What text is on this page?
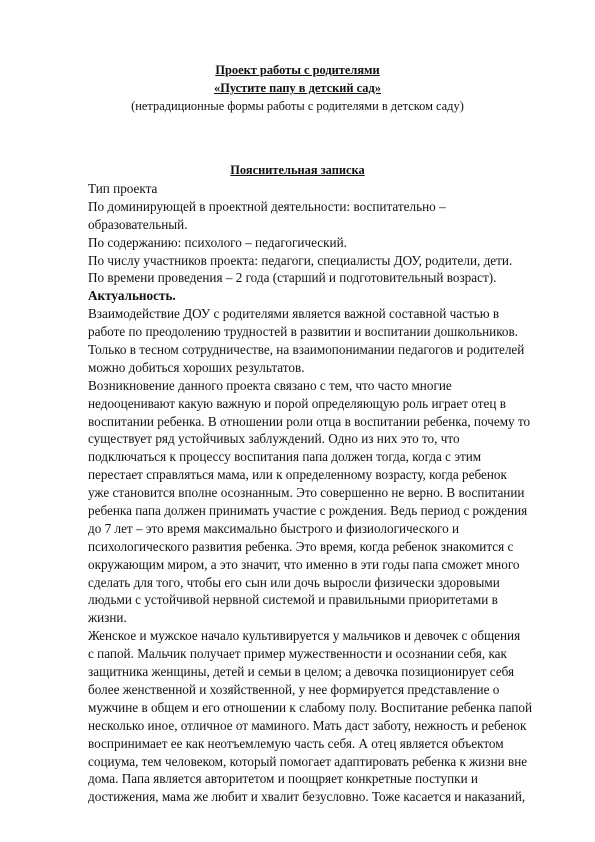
Проект работы с родителями
«Пустите папу в детский сад»
(нетрадиционные формы работы с родителями в детском саду)
Пояснительная записка
Тип проекта
По доминирующей в проектной деятельности: воспитательно –
образовательный.
По содержанию: психолого – педагогический.
По числу участников проекта: педагоги, специалисты ДОУ, родители, дети.
По времени проведения – 2 года (старший и подготовительный возраст).
Актуальность.
Взаимодействие ДОУ с родителями является важной составной частью в
работе по преодолению трудностей в развитии и воспитании дошкольников.
Только в тесном сотрудничестве, на взаимопонимании педагогов и родителей
можно добиться хороших результатов.
Возникновение данного проекта связано с тем, что часто многие
недооценивают какую важную и порой определяющую роль играет отец в
воспитании ребенка. В отношении роли отца в воспитании ребенка, почему то
существует ряд устойчивых заблуждений. Одно из них это то, что
подключаться к процессу воспитания папа должен тогда, когда с этим
перестает справляться мама, или к определенному возрасту, когда ребенок
уже становится вполне осознанным. Это совершенно не верно. В воспитании
ребенка папа должен принимать участие с рождения. Ведь период с рождения
до 7 лет – это время максимально быстрого и физиологического и
психологического развития ребенка. Это время, когда ребенок знакомится с
окружающим миром, а это значит, что именно в эти годы папа сможет много
сделать для того, чтобы его сын или дочь выросли физически здоровыми
людьми с устойчивой нервной системой и правильными приоритетами в
жизни.
Женское и мужское начало культивируется у мальчиков и девочек с общения
с папой. Мальчик получает пример мужественности и осознании себя, как
защитника женщины, детей и семьи в целом; а девочка позиционирует себя
более женственной и хозяйственной, у нее формируется представление о
мужчине в общем и его отношении к слабому полу. Воспитание ребенка папой
несколько иное, отличное от маминого. Мать даст заботу, нежность и ребенок
воспринимает ее как неотъемлемую часть себя. А отец является объектом
социума, тем человеком, который помогает адаптировать ребенка к жизни вне
дома. Папа является авторитетом и поощряет конкретные поступки и
достижения, мама же любит и хвалит безусловно. Тоже касается и наказаний,
